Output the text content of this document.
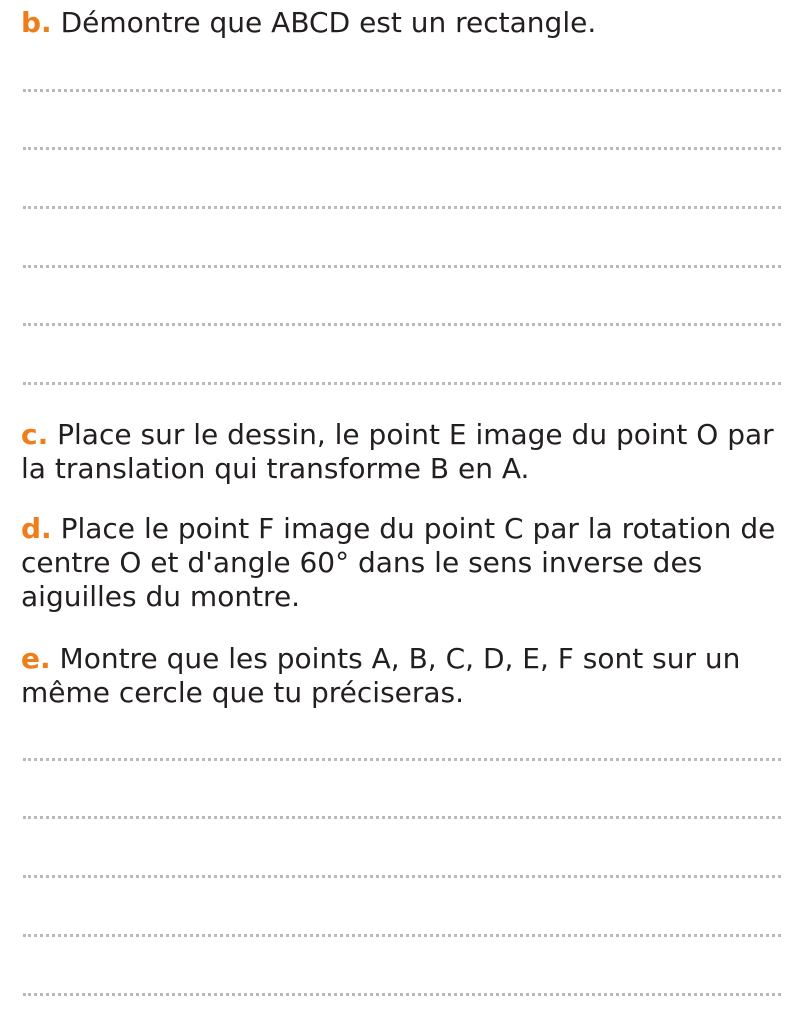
b. Démontre que ABCD est un rectangle.

c. Place sur le dessin, le point E image du point O par la translation qui transforme B en A.

d. Place le point F image du point C par la rotation de centre O et d'angle 60° dans le sens inverse des aiguilles du montre.

e. Montre que les points A, B, C, D, E, F sont sur un même cercle que tu préciseras.
